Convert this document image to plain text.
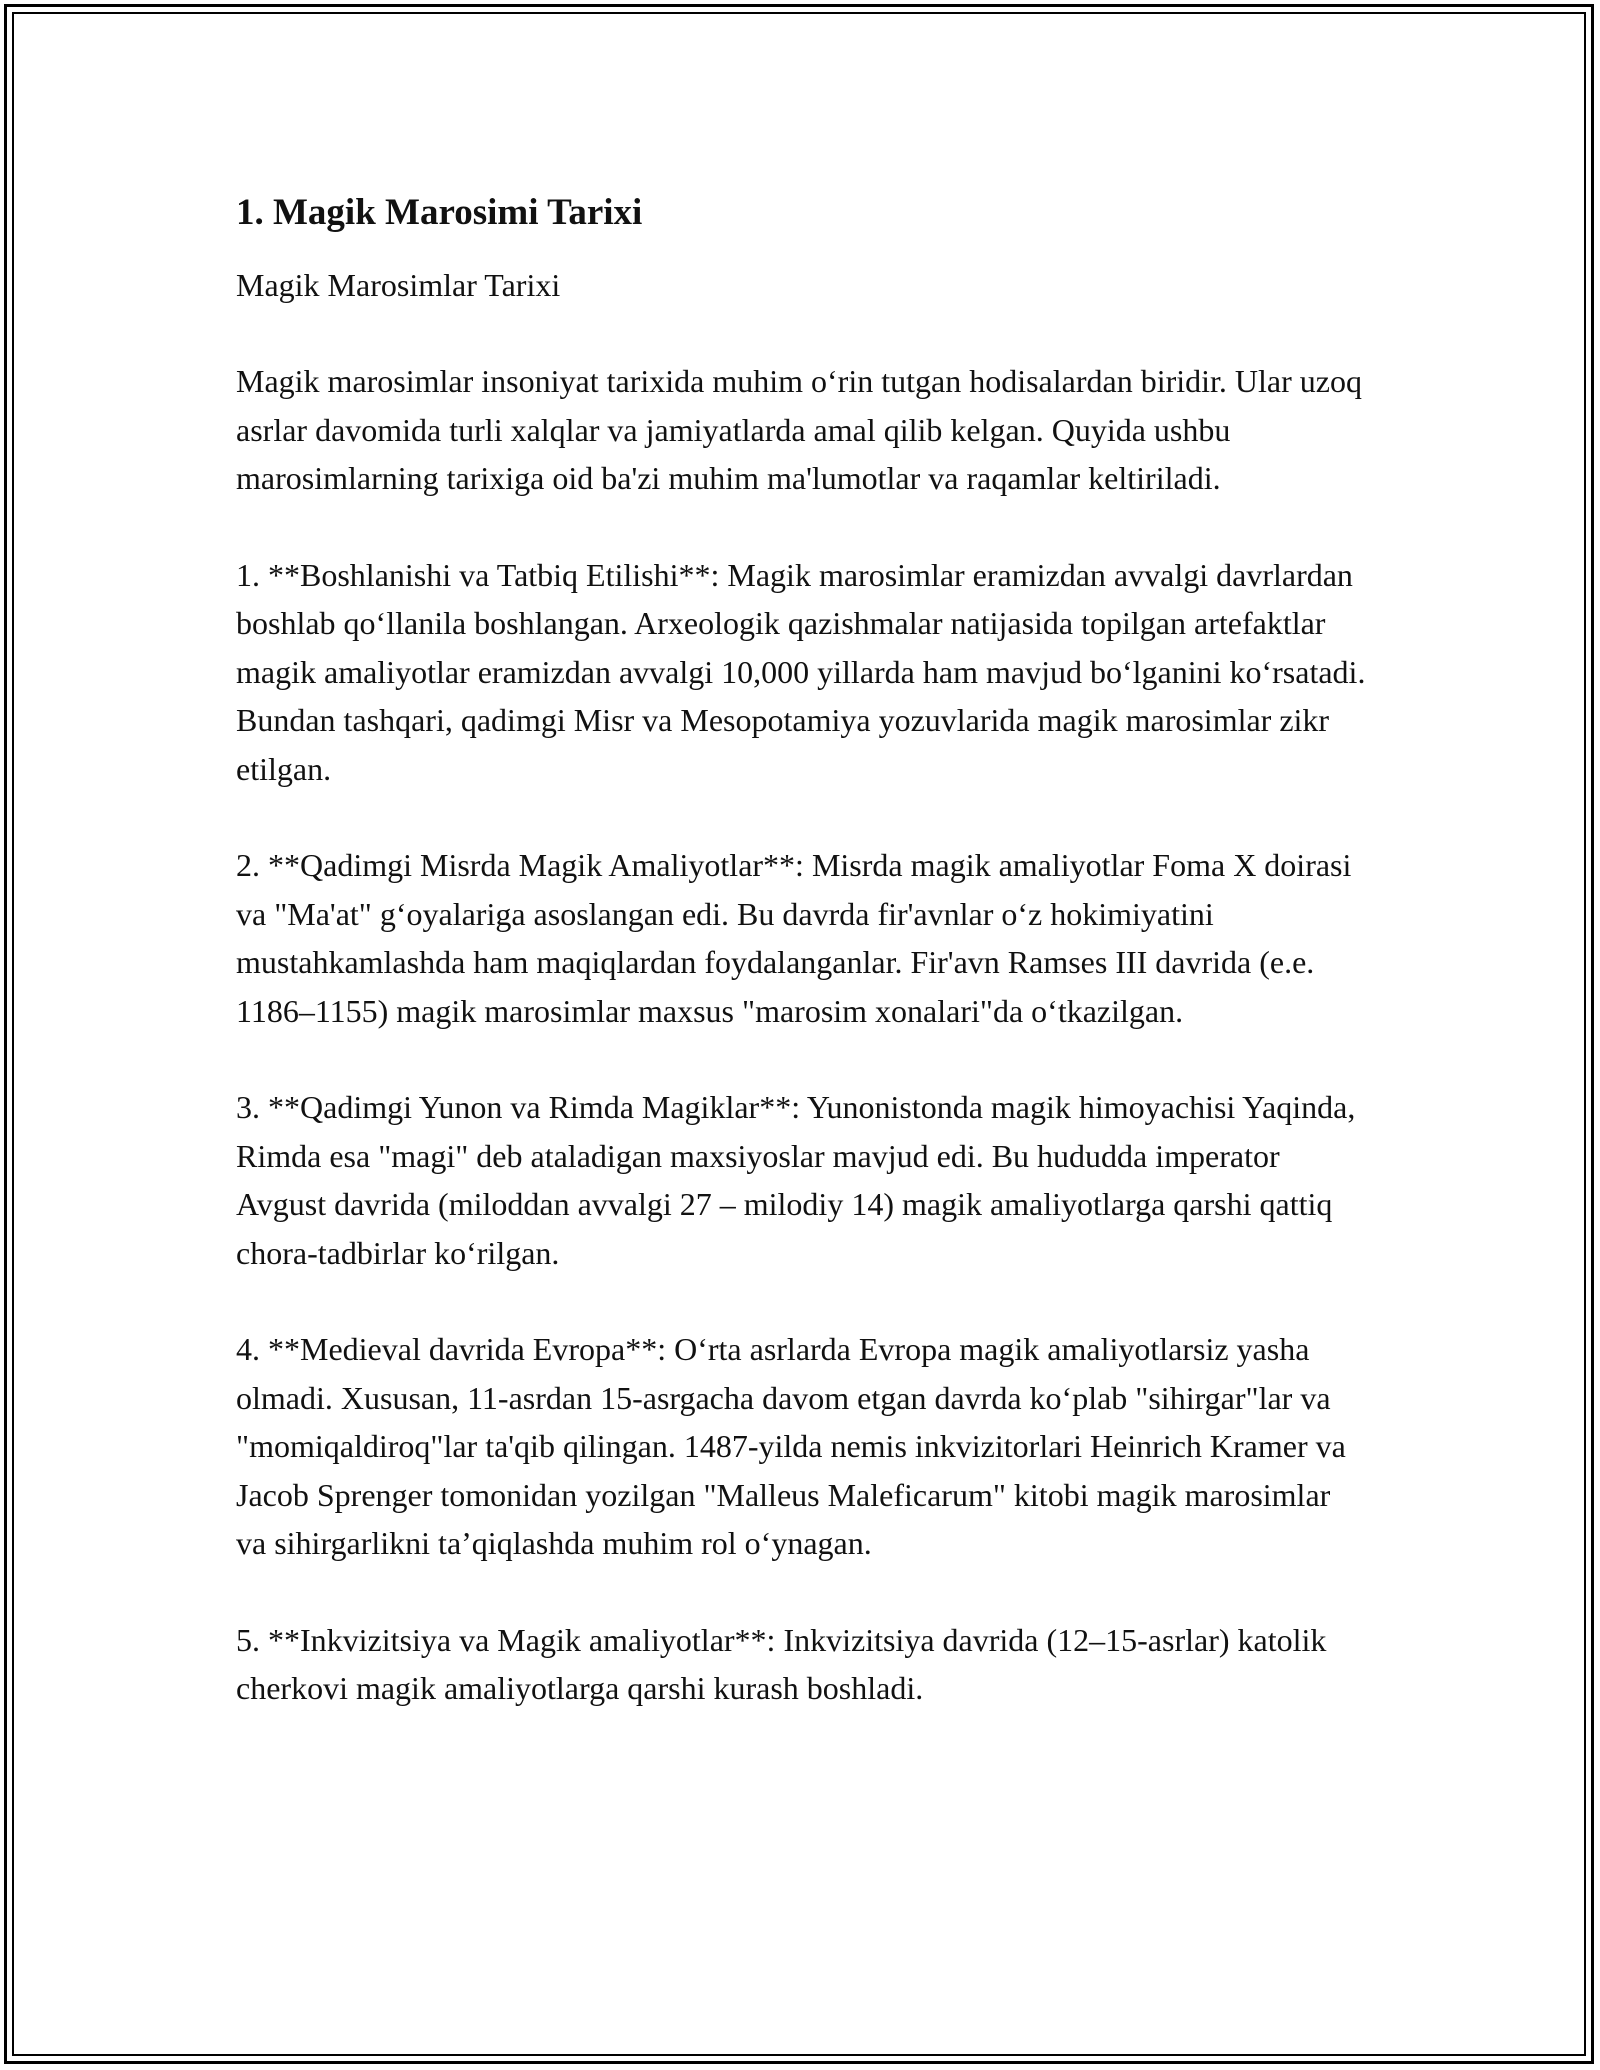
1. Magik Marosimi Tarixi

Magik Marosimlar Tarixi

Magik marosimlar insoniyat tarixida muhim o‘rin tutgan hodisalardan biridir. Ular uzoq asrlar davomida turli xalqlar va jamiyatlarda amal qilib kelgan. Quyida ushbu marosimlarning tarixiga oid ba'zi muhim ma'lumotlar va raqamlar keltiriladi.

1. **Boshlanishi va Tatbiq Etilishi**: Magik marosimlar eramizdan avvalgi davrlardan boshlab qo‘llanila boshlangan. Arxeologik qazishmalar natijasida topilgan artefaktlar magik amaliyotlar eramizdan avvalgi 10,000 yillarda ham mavjud bo‘lganini ko‘rsatadi. Bundan tashqari, qadimgi Misr va Mesopotamiya yozuvlarida magik marosimlar zikr etilgan.

2. **Qadimgi Misrda Magik Amaliyotlar**: Misrda magik amaliyotlar Foma X doirasi va "Ma'at" g‘oyalariga asoslangan edi. Bu davrda fir'avnlar o‘z hokimiyatini mustahkamlashda ham maqiqlardan foydalanganlar. Fir'avn Ramses III davrida (e.e. 1186–1155) magik marosimlar maxsus "marosim xonalari"da o‘tkazilgan.

3. **Qadimgi Yunon va Rimda Magiklar**: Yunonistonda magik himoyachisi Yaqinda, Rimda esa "magi" deb ataladigan maxsiyoslar mavjud edi. Bu hududda imperator Avgust davrida (miloddan avvalgi 27 – milodiy 14) magik amaliyotlarga qarshi qattiq chora-tadbirlar ko‘rilgan.

4. **Medieval davrida Evropa**: O‘rta asrlarda Evropa magik amaliyotlarsiz yasha olmadi. Xususan, 11-asrdan 15-asrgacha davom etgan davrda ko‘plab "sihirgar"lar va "momiqaldiroq"lar ta'qib qilingan. 1487-yilda nemis inkvizitorlari Heinrich Kramer va Jacob Sprenger tomonidan yozilgan "Malleus Maleficarum" kitobi magik marosimlar va sihirgarlikni ta’qiqlashda muhim rol o‘ynagan.

5. **Inkvizitsiya va Magik amaliyotlar**: Inkvizitsiya davrida (12–15-asrlar) katolik cherkovi magik amaliyotlarga qarshi kurash boshladi.
